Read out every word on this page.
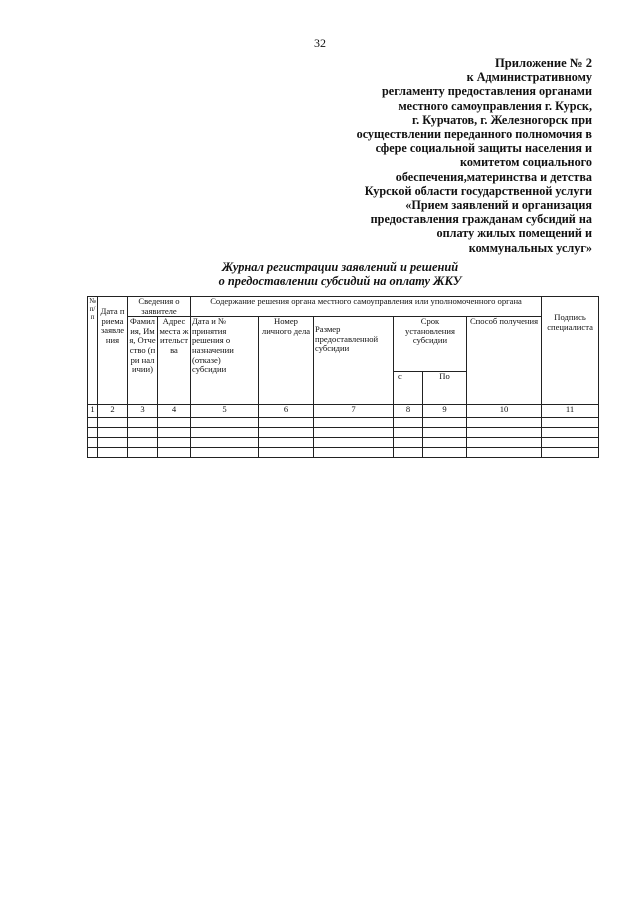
32
Приложение № 2
к Административному
регламенту предоставления органами
местного самоуправления г. Курск,
г. Курчатов, г. Железногорск при
осуществлении переданного полномочия в
сфере социальной защиты населения и
комитетом социального
обеспечения,материнства и детства
Курской области государственной услуги
«Прием заявлений и организация
предоставления гражданам субсидий на
оплату жилых помещений и
коммунальных услуг»
Журнал регистрации заявлений и решений
о предоставлении субсидий на оплату ЖКУ
№ п/п	Дата приема заявления	Сведения о заявителе		Содержание решения органа местного самоуправления или уполномоченного органа						Подпись специалиста
		Фамилия, Имя, Отчество (при наличии)	Адрес места жительства	Дата и № принятия решения о назначении (отказе) субсидии	Номер личного дела	Размер предоставленной субсидии	Срок установления субсидии		Способ получения	
							с	По		
1	2	3	4	5	6	7	8	9	10	11
